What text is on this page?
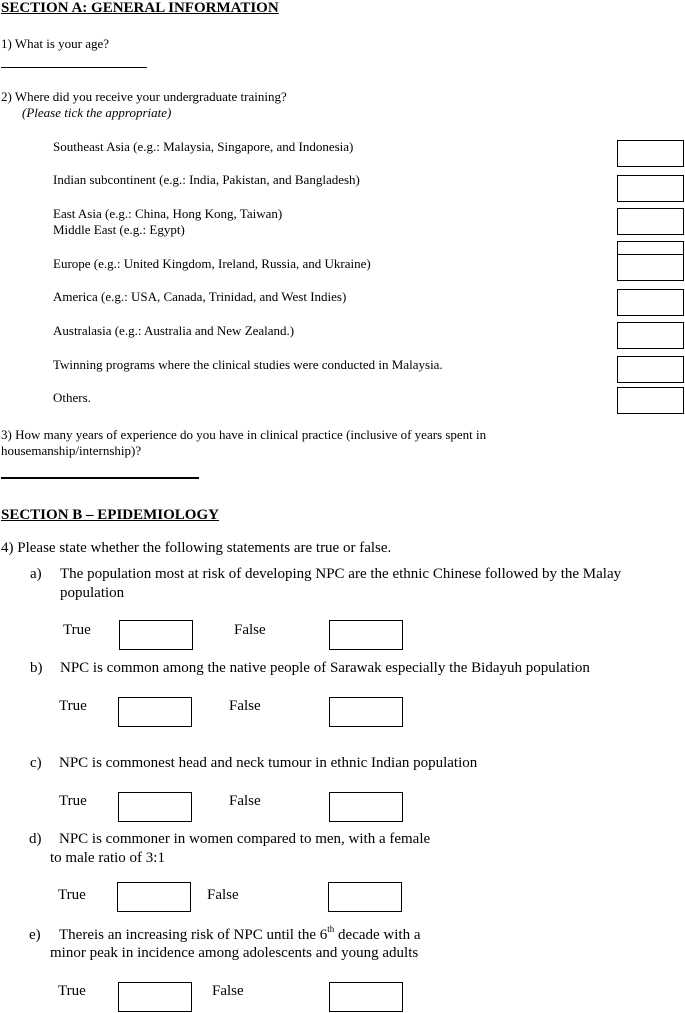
SECTION A: GENERAL INFORMATION
1) What is your age?
2) Where did you receive your undergraduate training?
(Please tick the appropriate)
Southeast Asia (e.g.: Malaysia, Singapore, and Indonesia)
Indian subcontinent (e.g.: India, Pakistan, and Bangladesh)
East Asia (e.g.: China, Hong Kong, Taiwan)
Middle East (e.g.: Egypt)
Europe (e.g.: United Kingdom, Ireland, Russia, and Ukraine)
America (e.g.: USA, Canada, Trinidad, and West Indies)
Australasia (e.g.: Australia and New Zealand.)
Twinning programs where the clinical studies were conducted in Malaysia.
Others.
3) How many years of experience do you have in clinical practice (inclusive of years spent in
housemanship/internship)?
SECTION B – EPIDEMIOLOGY
4) Please state whether the following statements are true or false.
a) The population most at risk of developing NPC are the ethnic Chinese followed by the Malay
population
True	False
b) NPC is common among the native people of Sarawak especially the Bidayuh population
True	False
c) NPC is commonest head and neck tumour in ethnic Indian population
True	False
d) NPC is commoner in women compared to men, with a female
to male ratio of 3:1
True	False
e) Thereis an increasing risk of NPC until the 6th decade with a
minor peak in incidence among adolescents and young adults
True	False
